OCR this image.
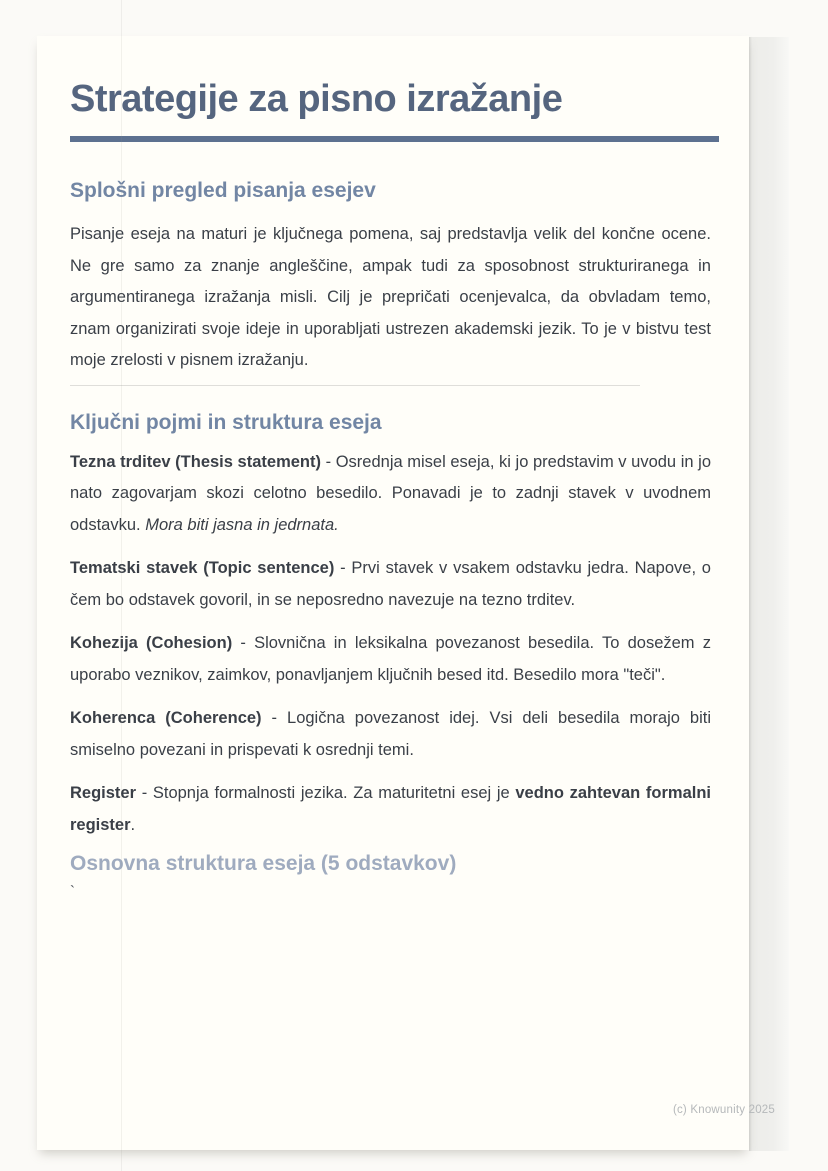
Strategije za pisno izražanje
Splošni pregled pisanja esejev

Pisanje eseja na maturi je ključnega pomena, saj predstavlja velik del končne ocene. Ne gre samo za znanje angleščine, ampak tudi za sposobnost strukturiranega in argumentiranega izražanja misli. Cilj je prepričati ocenjevalca, da obvladam temo, znam organizirati svoje ideje in uporabljati ustrezen akademski jezik. To je v bistvu test moje zrelosti v pisnem izražanju.

Ključni pojmi in struktura eseja

Tezna trditev (Thesis statement) - Osrednja misel eseja, ki jo predstavim v uvodu in jo nato zagovarjam skozi celotno besedilo. Ponavadi je to zadnji stavek v uvodnem odstavku. Mora biti jasna in jedrnata.

Tematski stavek (Topic sentence) - Prvi stavek v vsakem odstavku jedra. Napove, o čem bo odstavek govoril, in se neposredno navezuje na tezno trditev.

Kohezija (Cohesion) - Slovnična in leksikalna povezanost besedila. To dosežem z uporabo veznikov, zaimkov, ponavljanjem ključnih besed itd. Besedilo mora "teči".

Koherenca (Coherence) - Logična povezanost idej. Vsi deli besedila morajo biti smiselno povezani in prispevati k osrednji temi.

Register - Stopnja formalnosti jezika. Za maturitetni esej je vedno zahtevan formalni register.

Osnovna struktura eseja (5 odstavkov)
`
(c) Knowunity 2025
